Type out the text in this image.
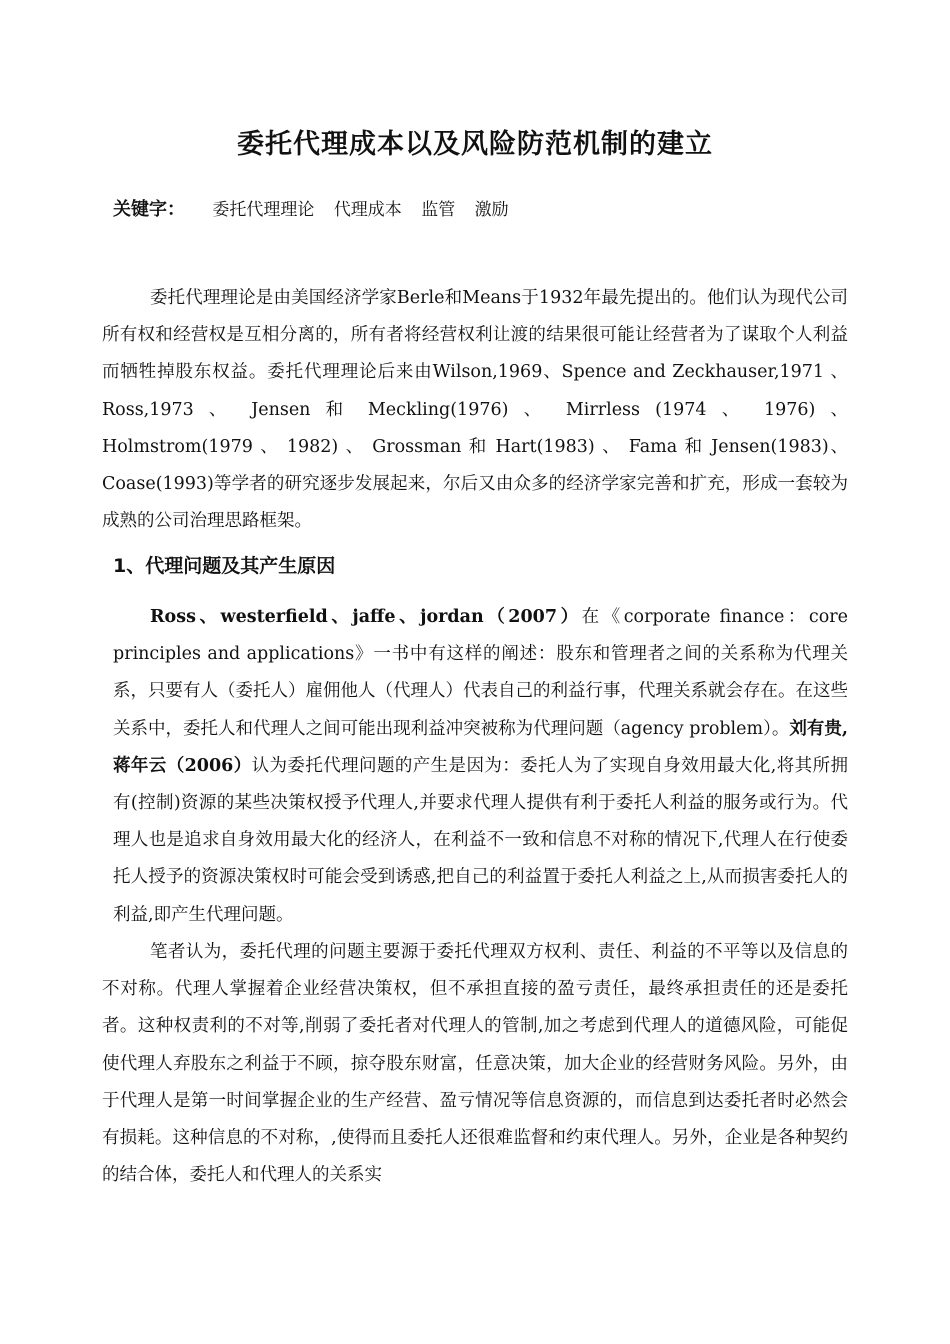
委托代理成本以及风险防范机制的建立
关键字： 委托代理理论 代理成本 监管 激励

委托代理理论是由美国经济学家Berle和Means于1932年最先提出的。他们认为现代公司所有权和经营权是互相分离的，所有者将经营权利让渡的结果很可能让经营者为了谋取个人利益而牺牲掉股东权益。委托代理理论后来由Wilson,1969、Spence and Zeckhauser,1971 、 Ross,1973 、 Jensen 和 Meckling(1976) 、 Mirrless (1974 、 1976) 、 Holmstrom(1979 、 1982) 、 Grossman 和 Hart(1983) 、 Fama 和 Jensen(1983)、Coase(1993)等学者的研究逐步发展起来，尔后又由众多的经济学家完善和扩充，形成一套较为成熟的公司治理思路框架。

1、代理问题及其产生原因

Ross、westerfield、jaffe、jordan（2007）在《corporate finance：core principles and applications》一书中有这样的阐述：股东和管理者之间的关系称为代理关系，只要有人（委托人）雇佣他人（代理人）代表自己的利益行事，代理关系就会存在。在这些关系中，委托人和代理人之间可能出现利益冲突被称为代理问题（agency problem）。刘有贵,蒋年云（2006）认为委托代理问题的产生是因为：委托人为了实现自身效用最大化,将其所拥有(控制)资源的某些决策权授予代理人,并要求代理人提供有利于委托人利益的服务或行为。代理人也是追求自身效用最大化的经济人，在利益不一致和信息不对称的情况下,代理人在行使委托人授予的资源决策权时可能会受到诱惑,把自己的利益置于委托人利益之上,从而损害委托人的利益,即产生代理问题。

笔者认为，委托代理的问题主要源于委托代理双方权利、责任、利益的不平等以及信息的不对称。代理人掌握着企业经营决策权，但不承担直接的盈亏责任，最终承担责任的还是委托者。这种权责利的不对等,削弱了委托者对代理人的管制,加之考虑到代理人的道德风险，可能促使代理人弃股东之利益于不顾，掠夺股东财富，任意决策，加大企业的经营财务风险。另外，由于代理人是第一时间掌握企业的生产经营、盈亏情况等信息资源的，而信息到达委托者时必然会有损耗。这种信息的不对称，,使得而且委托人还很难监督和约束代理人。另外，企业是各种契约的结合体，委托人和代理人的关系实
